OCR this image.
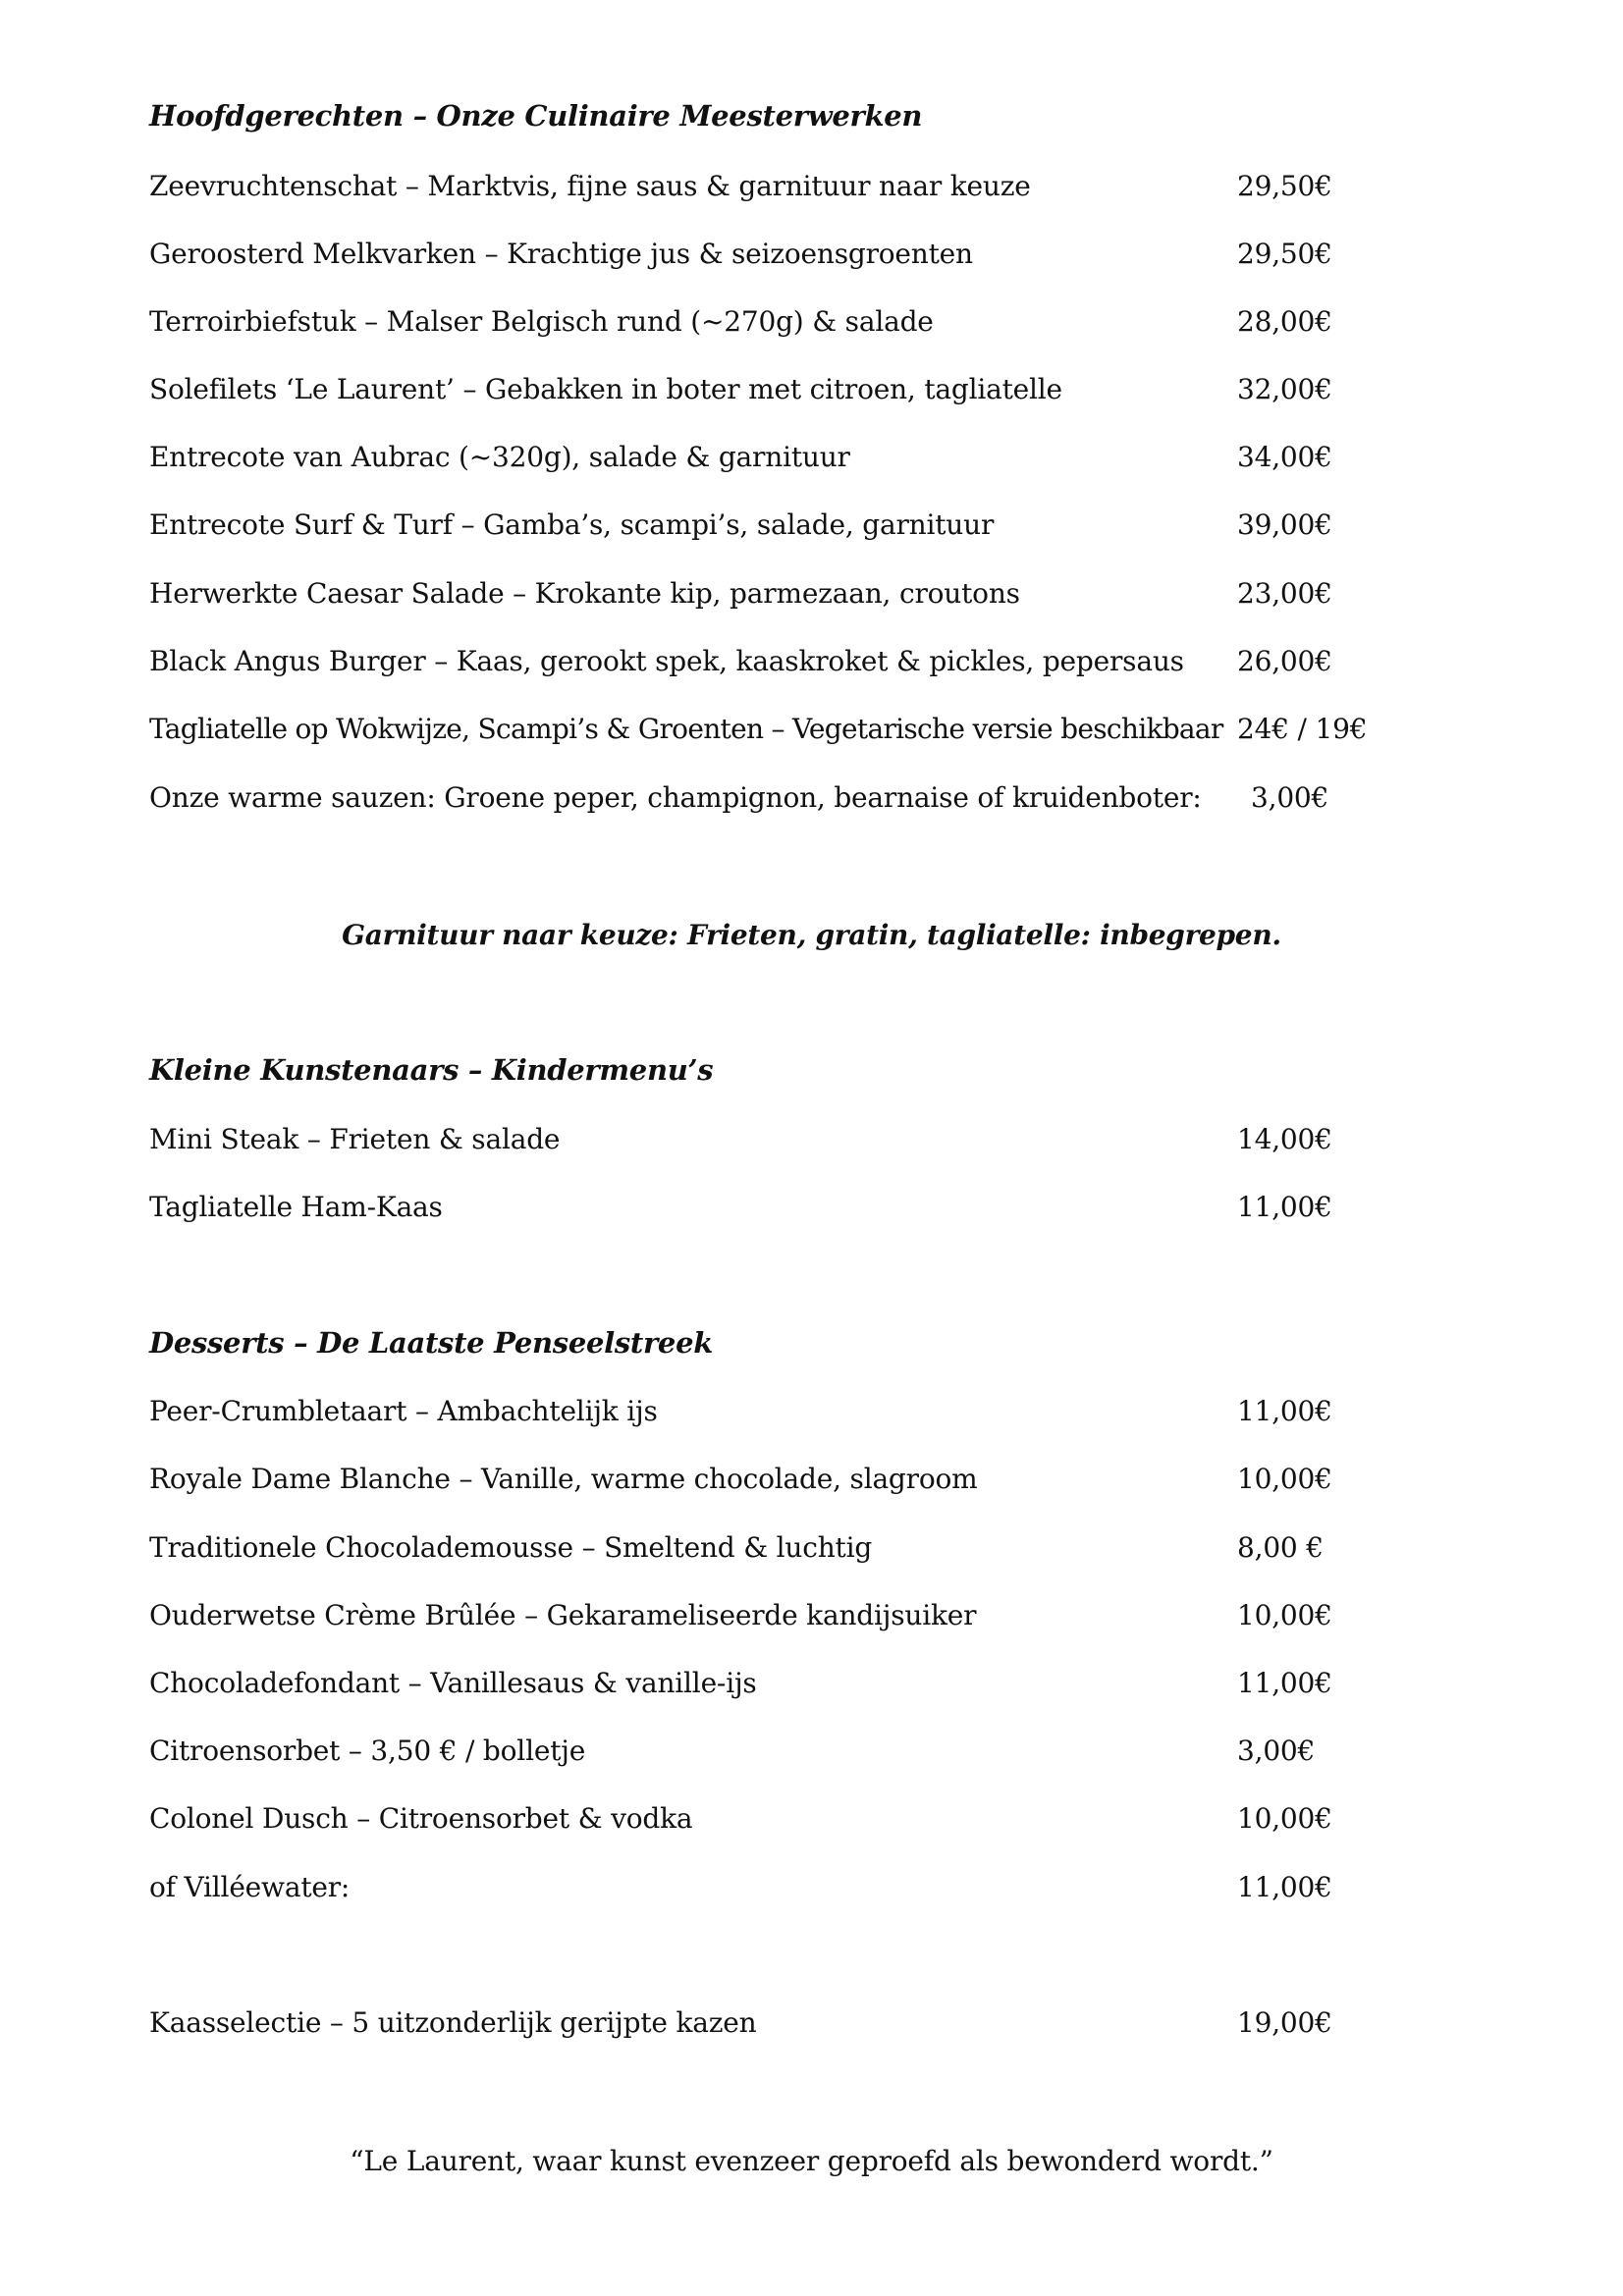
Hoofdgerechten – Onze Culinaire Meesterwerken
Zeevruchtenschat – Marktvis, fijne saus & garnituur naar keuze	29,50€
Geroosterd Melkvarken – Krachtige jus & seizoensgroenten	29,50€
Terroirbiefstuk – Malser Belgisch rund (~270g) & salade	28,00€
Solefilets ‘Le Laurent’ – Gebakken in boter met citroen, tagliatelle	32,00€
Entrecote van Aubrac (~320g), salade & garnituur	34,00€
Entrecote Surf & Turf – Gamba’s, scampi’s, salade, garnituur	39,00€
Herwerkte Caesar Salade – Krokante kip, parmezaan, croutons	23,00€
Black Angus Burger – Kaas, gerookt spek, kaaskroket & pickles, pepersaus 26,00€
Tagliatelle op Wokwijze, Scampi’s & Groenten – Vegetarische versie beschikbaar 24€ / 19€
Onze warme sauzen: Groene peper, champignon, bearnaise of kruidenboter: 3,00€
Garnituur naar keuze: Frieten, gratin, tagliatelle: inbegrepen.
Kleine Kunstenaars – Kindermenu’s
Mini Steak – Frieten & salade	14,00€
Tagliatelle Ham-Kaas	11,00€
Desserts – De Laatste Penseelstreek
Peer-Crumbletaart – Ambachtelijk ijs	11,00€
Royale Dame Blanche – Vanille, warme chocolade, slagroom	10,00€
Traditionele Chocolademousse – Smeltend & luchtig	8,00 €
Ouderwetse Crème Brûlée – Gekarameliseerde kandijsuiker	10,00€
Chocoladefondant – Vanillesaus & vanille-ijs	11,00€
Citroensorbet – 3,50 € / bolletje	3,00€
Colonel Dusch – Citroensorbet & vodka	10,00€
of Villéewater:	11,00€
Kaasselectie – 5 uitzonderlijk gerijpte kazen	19,00€
“Le Laurent, waar kunst evenzeer geproefd als bewonderd wordt.”
